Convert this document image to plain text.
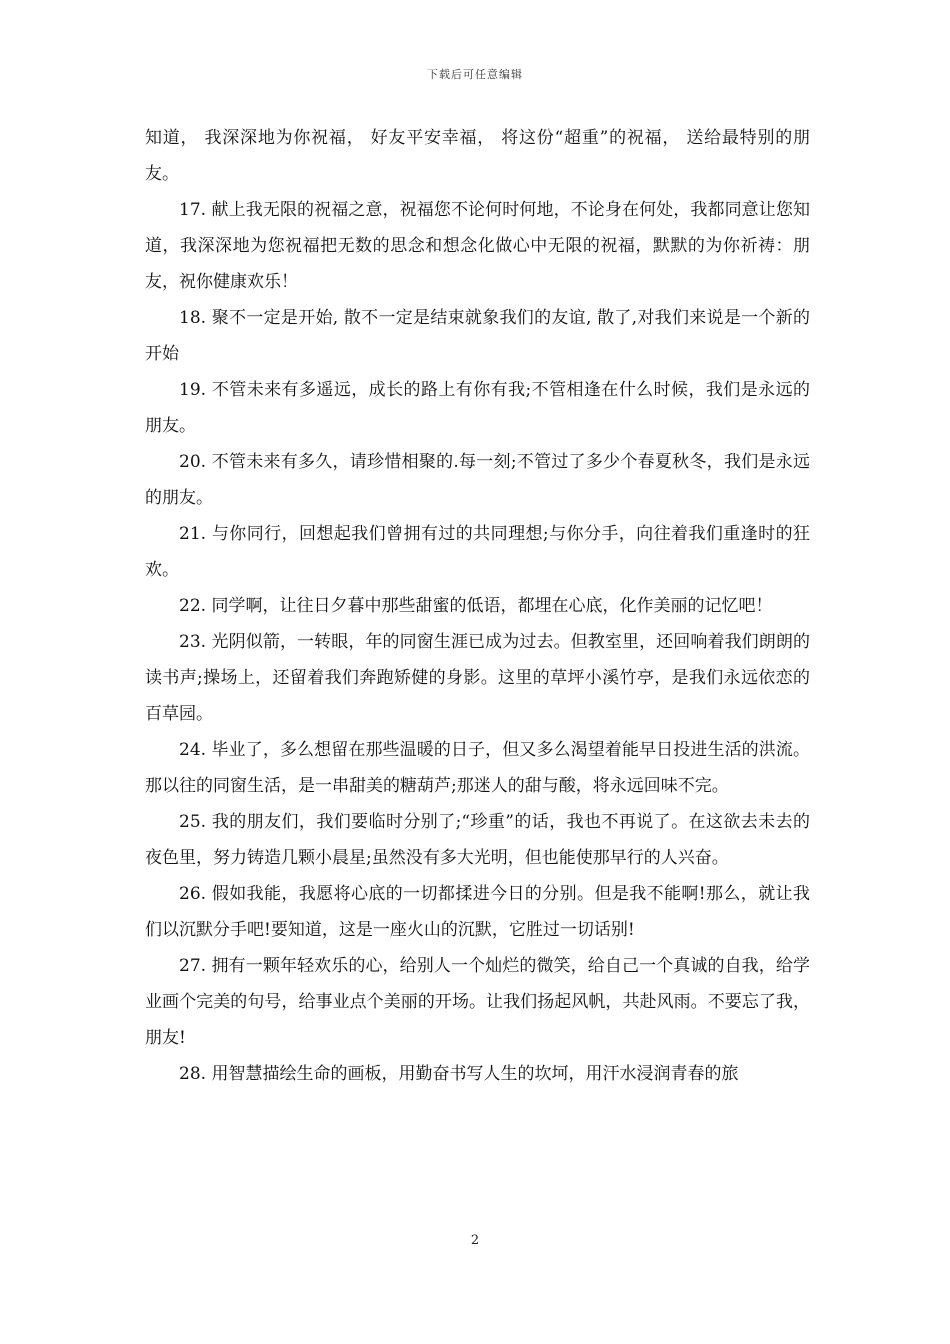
下载后可任意编辑

知道， 我深深地为你祝福， 好友平安幸福， 将这份“超重”的祝福， 送给最特别的朋友。

17. 献上我无限的祝福之意，祝福您不论何时何地，不论身在何处，我都同意让您知道，我深深地为您祝福把无数的思念和想念化做心中无限的祝福，默默的为你祈祷：朋友，祝你健康欢乐！

18. 聚不一定是开始, 散不一定是结束就象我们的友谊, 散了,对我们来说是一个新的开始

19. 不管未来有多遥远，成长的路上有你有我;不管相逢在什么时候，我们是永远的朋友。

20. 不管未来有多久，请珍惜相聚的.每一刻;不管过了多少个春夏秋冬，我们是永远的朋友。

21. 与你同行，回想起我们曾拥有过的共同理想;与你分手，向往着我们重逢时的狂欢。

22. 同学啊，让往日夕暮中那些甜蜜的低语，都埋在心底，化作美丽的记忆吧！

23. 光阴似箭，一转眼，年的同窗生涯已成为过去。但教室里，还回响着我们朗朗的读书声;操场上，还留着我们奔跑矫健的身影。这里的草坪小溪竹亭，是我们永远依恋的百草园。

24. 毕业了，多么想留在那些温暖的日子，但又多么渴望着能早日投进生活的洪流。那以往的同窗生活，是一串甜美的糖葫芦;那迷人的甜与酸，将永远回味不完。

25. 我的朋友们，我们要临时分别了;“珍重”的话，我也不再说了。在这欲去未去的夜色里，努力铸造几颗小晨星;虽然没有多大光明，但也能使那早行的人兴奋。

26. 假如我能，我愿将心底的一切都揉进今日的分别。但是我不能啊!那么，就让我们以沉默分手吧!要知道，这是一座火山的沉默，它胜过一切话别!

27. 拥有一颗年轻欢乐的心，给别人一个灿烂的微笑，给自己一个真诚的自我，给学业画个完美的句号，给事业点个美丽的开场。让我们扬起风帆，共赴风雨。不要忘了我，朋友!

28. 用智慧描绘生命的画板，用勤奋书写人生的坎坷，用汗水浸润青春的旅

2
